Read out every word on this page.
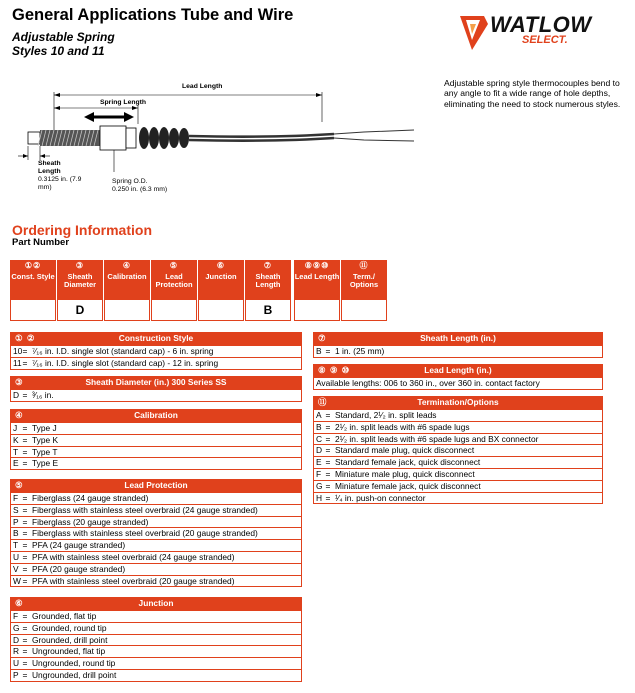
General Applications Tube and Wire
Adjustable Spring
Styles 10 and 11
WATLOW
SELECT.
Adjustable spring style thermocouples bend to any angle to fit a wide range of hole depths, eliminating the need to stock numerous styles.
Lead Length
Spring Length
Sheath Length
0.3125 in. (7.9 mm)
Spring O.D.
0.250 in. (6.3 mm)
Ordering Information
Part Number
①②
Const. Style
③
Sheath Diameter
D
④
Calibration
⑤
Lead Protection
⑥
Junction
⑦
Sheath Length
B
⑧⑨⑩
Lead Length
⑪
Term./ Options
① ②	Construction Style
10 = ⁷⁄₁₆ in. I.D. single slot (standard cap) - 6 in. spring
11 = ⁷⁄₁₆ in. I.D. single slot (standard cap) - 12 in. spring
③	Sheath Diameter (in.) 300 Series SS
D = ³⁄₁₆ in.
④	Calibration
J = Type J
K = Type K
T = Type T
E = Type E
⑤	Lead Protection
F = Fiberglass (24 gauge stranded)
S = Fiberglass with stainless steel overbraid (24 gauge stranded)
P = Fiberglass (20 gauge stranded)
B = Fiberglass with stainless steel overbraid (20 gauge stranded)
T = PFA (24 gauge stranded)
U = PFA with stainless steel overbraid (24 gauge stranded)
V = PFA (20 gauge stranded)
W = PFA with stainless steel overbraid (20 gauge stranded)
⑥	Junction
F = Grounded, flat tip
G = Grounded, round tip
D = Grounded, drill point
R = Ungrounded, flat tip
U = Ungrounded, round tip
P = Ungrounded, drill point
⑦	Sheath Length (in.)
B = 1 in. (25 mm)
⑧ ⑨ ⑩	Lead Length (in.)
Available lengths: 006 to 360 in., over 360 in. contact factory
⑪	Termination/Options
A = Standard, 2¹⁄₂ in. split leads
B = 2¹⁄₂ in. split leads with #6 spade lugs
C = 2¹⁄₂ in. split leads with #6 spade lugs and BX connector
D = Standard male plug, quick disconnect
E = Standard female jack, quick disconnect
F = Miniature male plug, quick disconnect
G = Miniature female jack, quick disconnect
H = ¹⁄₄ in. push-on connector
